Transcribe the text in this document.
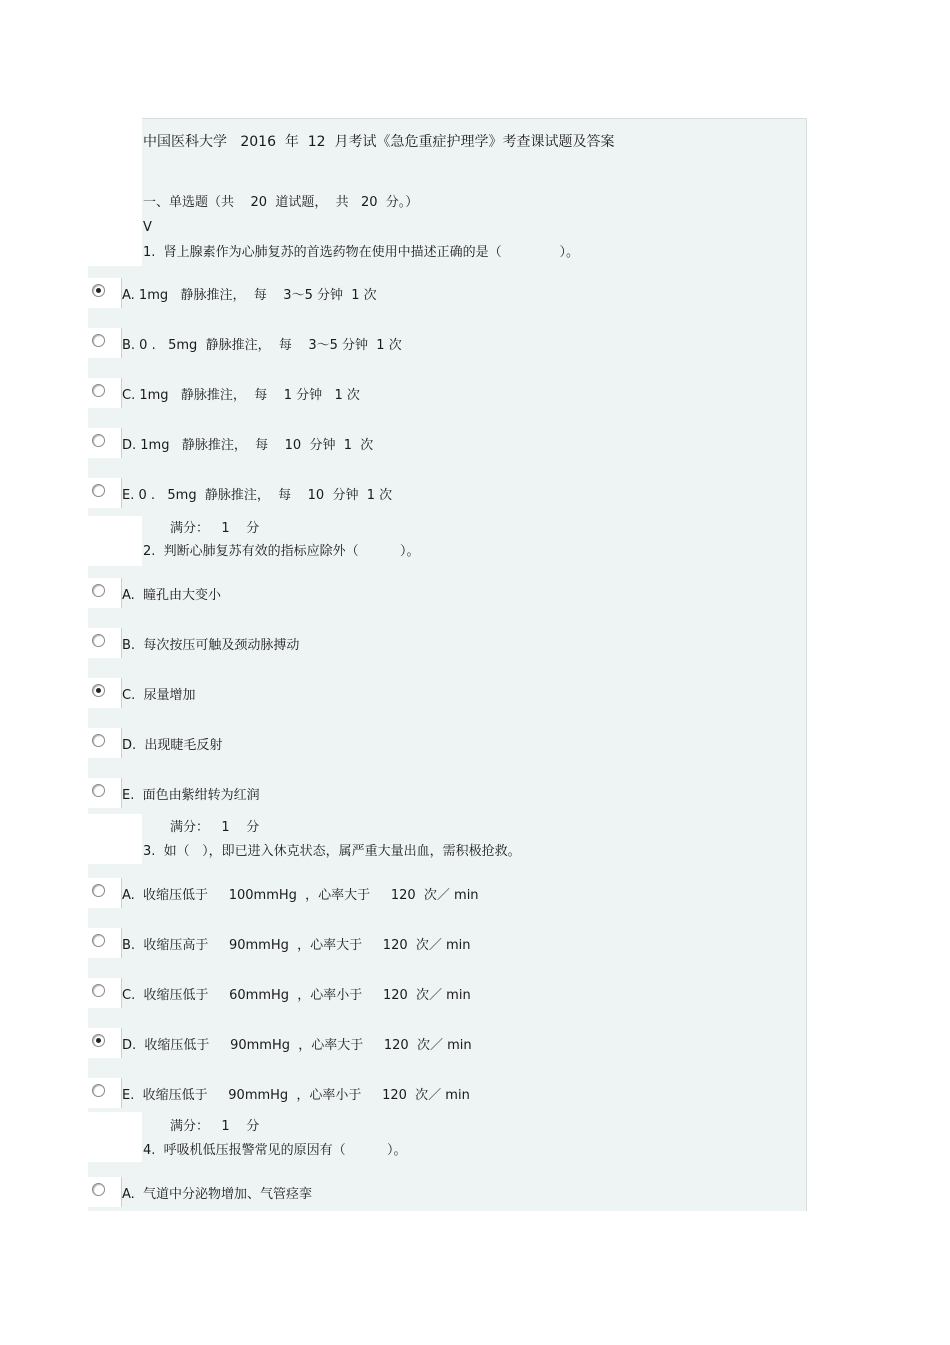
中国医科大学   2016  年  12  月考试《急危重症护理学》考查课试题及答案
一、单选题（共    20  道试题，  共   20  分。）
V
1.  肾上腺素作为心肺复苏的首选药物在使用中描述正确的是（              ）。
A. 1mg   静脉推注，  每    3～5 分钟  1 次
B. 0 .   5mg  静脉推注，  每    3～5 分钟  1 次
C. 1mg   静脉推注，  每    1 分钟   1 次
D. 1mg   静脉推注，  每    10  分钟  1  次
E. 0 .   5mg  静脉推注，  每    10  分钟  1 次
满分：   1    分
2.  判断心肺复苏有效的指标应除外（          ）。
A.  瞳孔由大变小
B.  每次按压可触及颈动脉搏动
C.  尿量增加
D.  出现睫毛反射
E.  面色由紫绀转为红润
满分：   1    分
3.  如（   ），即已进入休克状态，属严重大量出血，需积极抢救。
A.  收缩压低于     100mmHg  ，心率大于     120  次／ min
B.  收缩压高于     90mmHg  ，心率大于     120  次／ min
C.  收缩压低于     60mmHg  ，心率小于     120  次／ min
D.  收缩压低于     90mmHg  ，心率大于     120  次／ min
E.  收缩压低于     90mmHg  ，心率小于     120  次／ min
满分：   1    分
4.  呼吸机低压报警常见的原因有（          ）。
A.  气道中分泌物增加、气管痉挛
